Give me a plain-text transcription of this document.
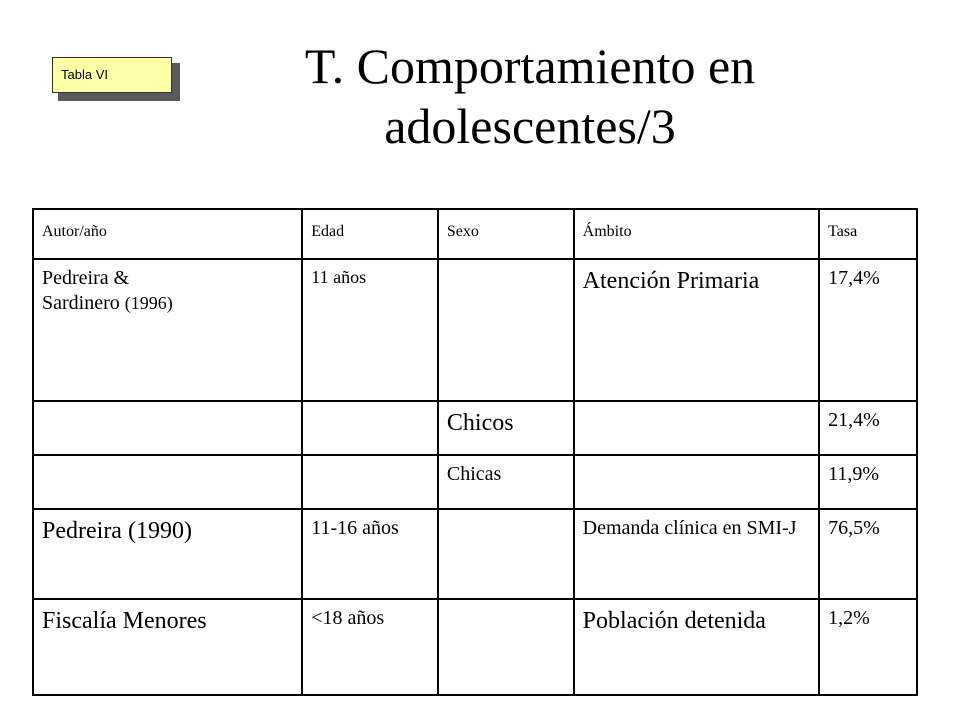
Tabla VI	T. Comportamiento en
adolescentes/3
Autor/año	Edad	Sexo	Ámbito	Tasa
Pedreira &
Sardinero (1996)	11 años		Atención Primaria	17,4%
		Chicos		21,4%
		Chicas		11,9%
Pedreira (1990)	11-16 años		Demanda clínica en SMI-J	76,5%
Fiscalía Menores	<18 años		Población detenida	1,2%
